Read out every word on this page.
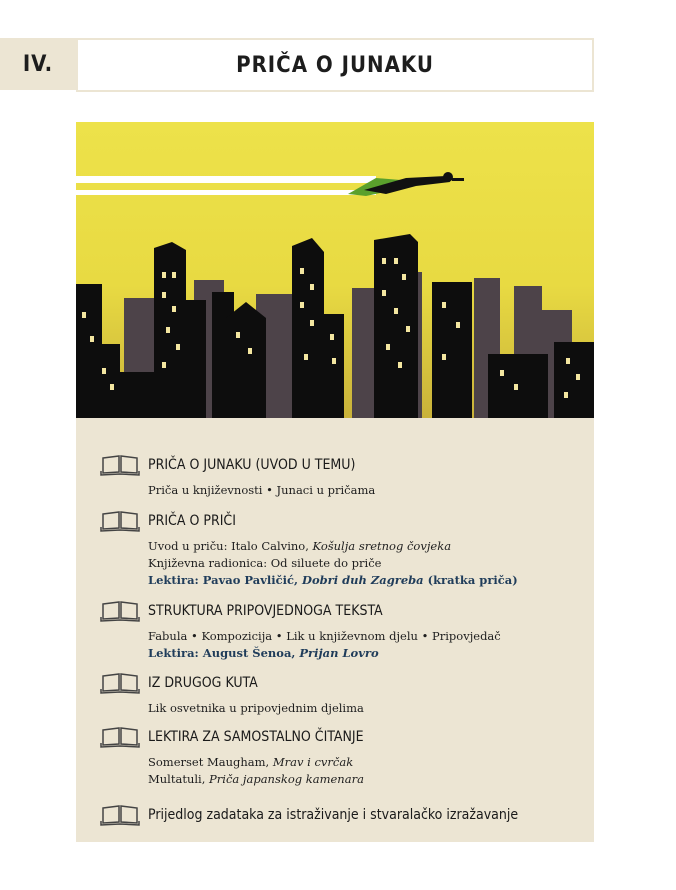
IV.	PRIČA O JUNAKU
PRIČA O JUNAKU (UVOD U TEMU)
Priča u književnosti • Junaci u pričama
PRIČA O PRIČI
Uvod u priču: Italo Calvino, Košulja sretnog čovjeka
Književna radionica: Od siluete do priče
Lektira: Pavao Pavličić, Dobri duh Zagreba (kratka priča)
STRUKTURA PRIPOVJEDNOGA TEKSTA
Fabula • Kompozicija • Lik u književnom djelu • Pripovjedač
Lektira: August Šenoa, Prijan Lovro
IZ DRUGOG KUTA
Lik osvetnika u pripovjednim djelima
LEKTIRA ZA SAMOSTALNO ČITANJE
Somerset Maugham, Mrav i cvrčak
Multatuli, Priča japanskog kamenara
Prijedlog zadataka za istraživanje i stvaralačko izražavanje
